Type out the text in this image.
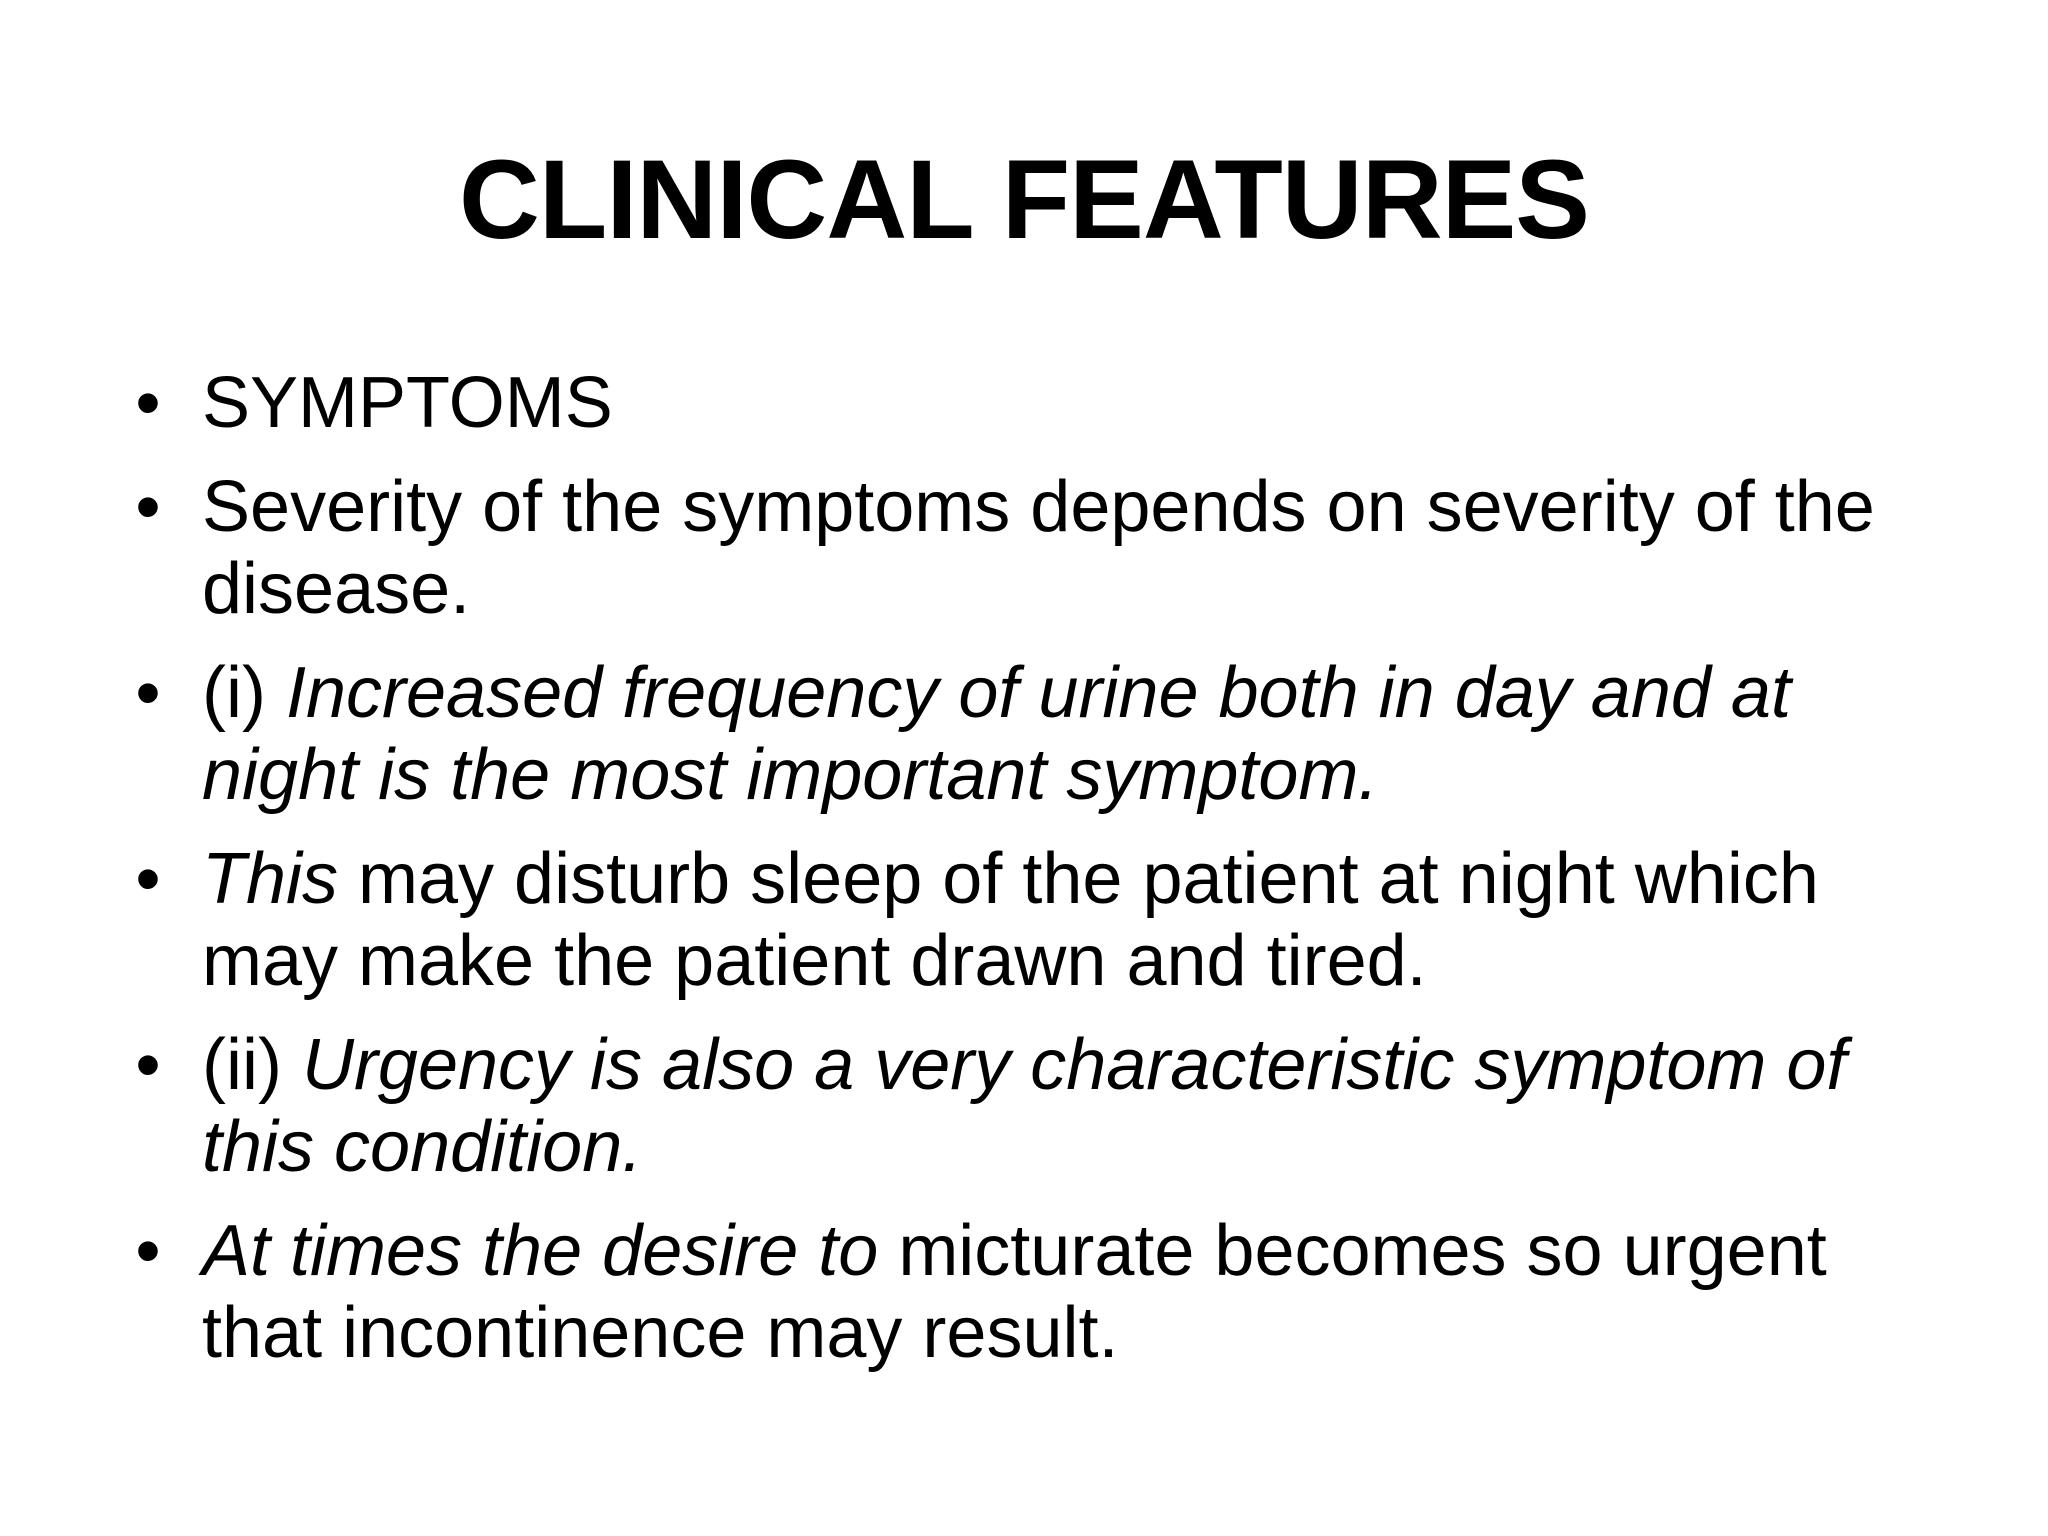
CLINICAL FEATURES
• SYMPTOMS
• Severity of the symptoms depends on severity of the disease.
• (i) Increased frequency of urine both in day and at night is the most important symptom.
• This may disturb sleep of the patient at night which may make the patient drawn and tired.
• (ii) Urgency is also a very characteristic symptom of this condition.
• At times the desire to micturate becomes so urgent that incontinence may result.
